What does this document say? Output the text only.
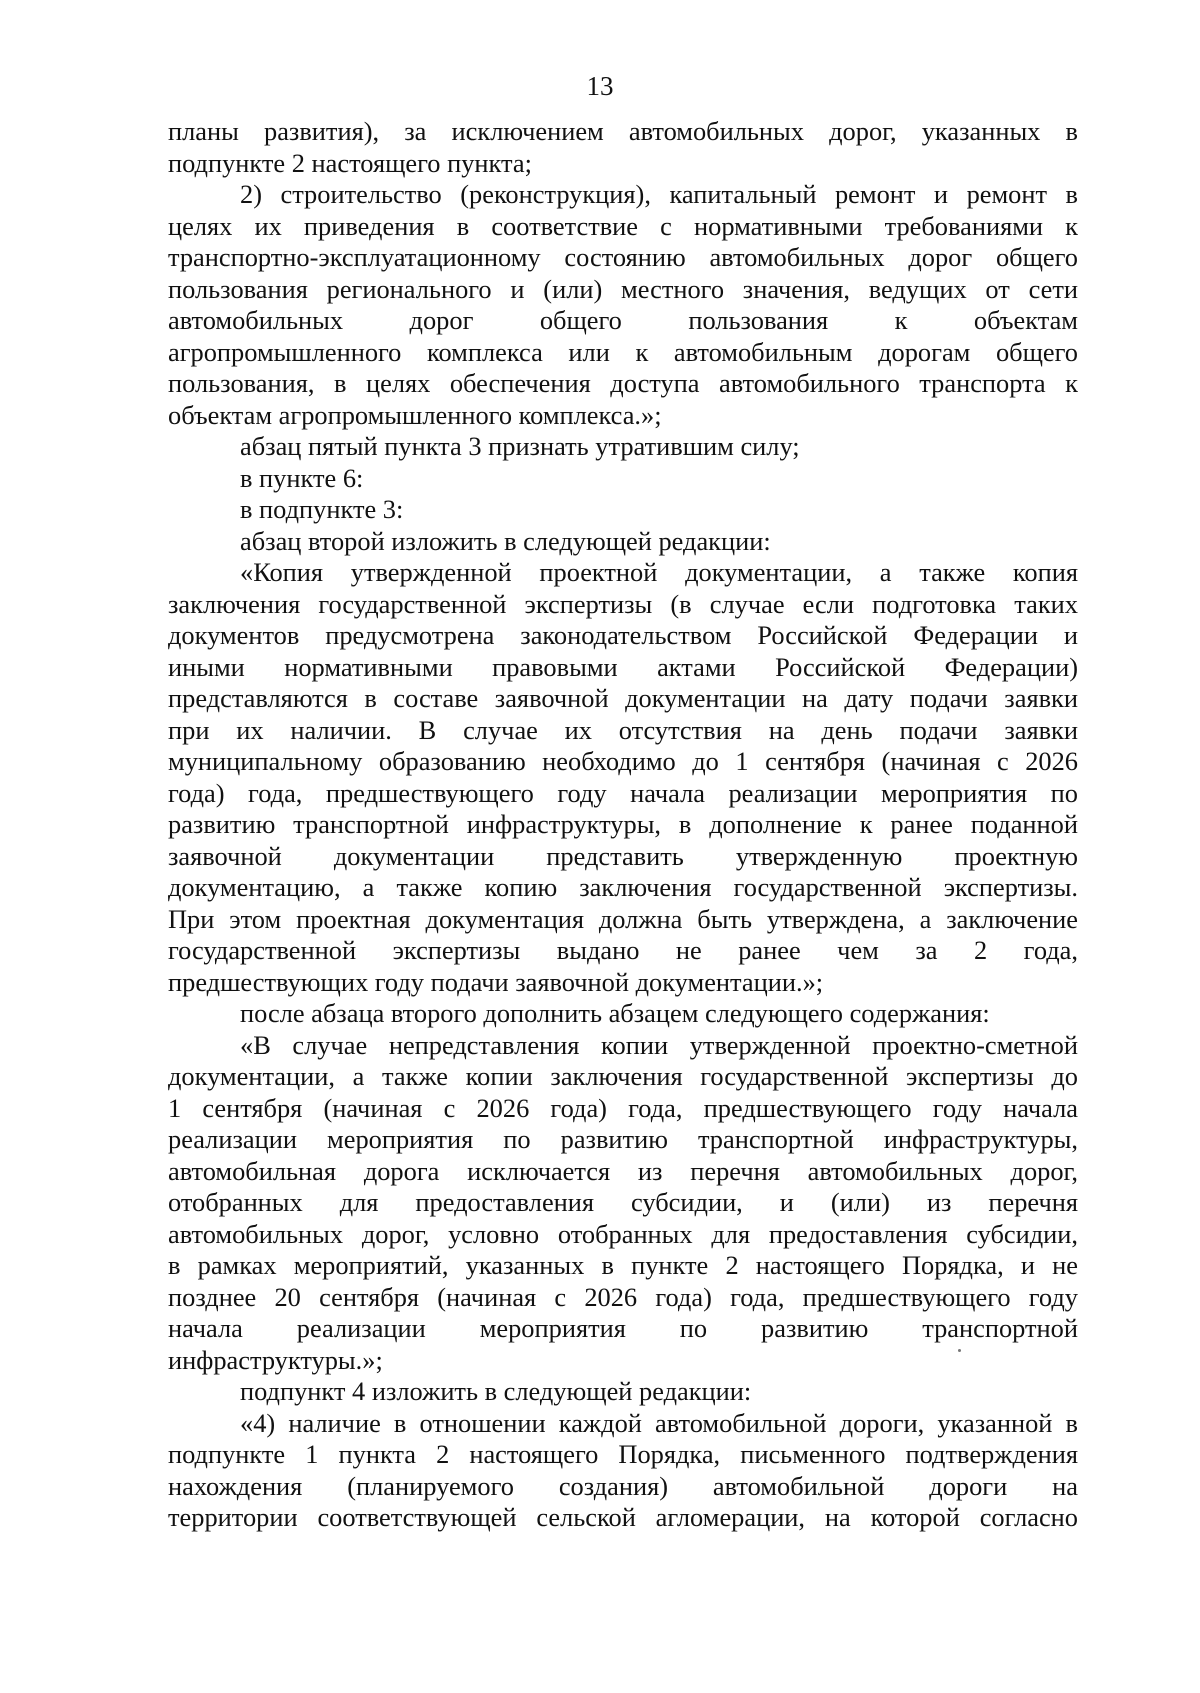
13
планы развития), за исключением автомобильных дорог, указанных в
подпункте 2 настоящего пункта;
2) строительство (реконструкция), капитальный ремонт и ремонт в
целях их приведения в соответствие с нормативными требованиями к
транспортно-эксплуатационному состоянию автомобильных дорог общего
пользования регионального и (или) местного значения, ведущих от сети
автомобильных дорог общего пользования к объектам
агропромышленного комплекса или к автомобильным дорогам общего
пользования, в целях обеспечения доступа автомобильного транспорта к
объектам агропромышленного комплекса.»;
абзац пятый пункта 3 признать утратившим силу;
в пункте 6:
в подпункте 3:
абзац второй изложить в следующей редакции:
«Копия утвержденной проектной документации, а также копия
заключения государственной экспертизы (в случае если подготовка таких
документов предусмотрена законодательством Российской Федерации и
иными нормативными правовыми актами Российской Федерации)
представляются в составе заявочной документации на дату подачи заявки
при их наличии. В случае их отсутствия на день подачи заявки
муниципальному образованию необходимо до 1 сентября (начиная с 2026
года) года, предшествующего году начала реализации мероприятия по
развитию транспортной инфраструктуры, в дополнение к ранее поданной
заявочной документации представить утвержденную проектную
документацию, а также копию заключения государственной экспертизы.
При этом проектная документация должна быть утверждена, а заключение
государственной экспертизы выдано не ранее чем за 2 года,
предшествующих году подачи заявочной документации.»;
после абзаца второго дополнить абзацем следующего содержания:
«В случае непредставления копии утвержденной проектно-сметной
документации, а также копии заключения государственной экспертизы до
1 сентября (начиная с 2026 года) года, предшествующего году начала
реализации мероприятия по развитию транспортной инфраструктуры,
автомобильная дорога исключается из перечня автомобильных дорог,
отобранных для предоставления субсидии, и (или) из перечня
автомобильных дорог, условно отобранных для предоставления субсидии,
в рамках мероприятий, указанных в пункте 2 настоящего Порядка, и не
позднее 20 сентября (начиная с 2026 года) года, предшествующего году
начала реализации мероприятия по развитию транспортной
инфраструктуры.»;
подпункт 4 изложить в следующей редакции:
«4) наличие в отношении каждой автомобильной дороги, указанной в
подпункте 1 пункта 2 настоящего Порядка, письменного подтверждения
нахождения (планируемого создания) автомобильной дороги на
территории соответствующей сельской агломерации, на которой согласно
